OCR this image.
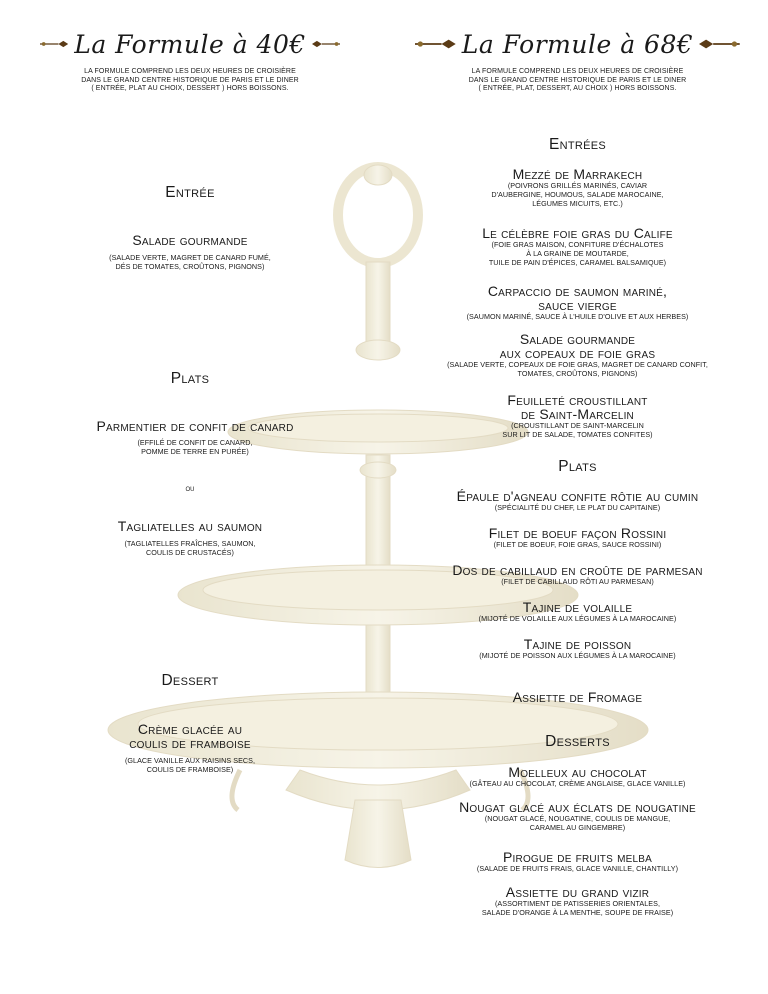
La Formule à 40€
LA FORMULE COMPREND LES DEUX HEURES DE CROISIÈRE
DANS LE GRAND CENTRE HISTORIQUE DE PARIS ET LE DINER
( ENTRÉE, PLAT AU CHOIX, DESSERT ) HORS BOISSONS.
Entrée
Salade gourmande
(SALADE VERTE, MAGRET DE CANARD FUMÉ,
DÉS DE TOMATES, CROÛTONS, PIGNONS)
Plats
Parmentier de confit de canard
(EFFILÉ DE CONFIT DE CANARD,
POMME DE TERRE EN PURÉE)
ou
Tagliatelles au saumon
(TAGLIATELLES FRAÎCHES, SAUMON,
COULIS DE CRUSTACÉS)
Dessert
Crème glacée au
coulis de framboise
(GLACE VANILLE AUX RAISINS SECS,
COULIS DE FRAMBOISE)
La Formule à 68€
LA FORMULE COMPREND LES DEUX HEURES DE CROISIÈRE
DANS LE GRAND CENTRE HISTORIQUE DE PARIS ET LE DINER
( ENTRÉE, PLAT, DESSERT, AU CHOIX ) HORS BOISSONS.
Entrées
Mezzé de Marrakech
(POIVRONS GRILLÉS MARINÉS, CAVIAR
D'AUBERGINE, HOUMOUS, SALADE MAROCAINE,
LÉGUMES MICUITS, ETC.)
Le célèbre foie gras du Calife
(FOIE GRAS MAISON, CONFITURE D'ÉCHALOTES
À LA GRAINE DE MOUTARDE,
TUILE DE PAIN D'ÉPICES, CARAMEL BALSAMIQUE)
Carpaccio de saumon mariné,
sauce vierge
(SAUMON MARINÉ, SAUCE À L'HUILE D'OLIVE ET AUX HERBES)
Salade gourmande
aux copeaux de foie gras
(SALADE VERTE, COPEAUX DE FOIE GRAS, MAGRET DE CANARD CONFIT,
TOMATES, CROÛTONS, PIGNONS)
Feuilleté croustillant
de Saint-Marcelin
(CROUSTILLANT DE SAINT-MARCELIN
SUR LIT DE SALADE, TOMATES CONFITES)
Plats
Épaule d'agneau confite rôtie au cumin
(SPÉCIALITÉ DU CHEF, LE PLAT DU CAPITAINE)
Filet de boeuf façon Rossini
(FILET DE BOEUF, FOIE GRAS, SAUCE ROSSINI)
Dos de cabillaud en croûte de parmesan
(FILET DE CABILLAUD RÔTI AU PARMESAN)
Tajine de volaille
(MIJOTÉ DE VOLAILLE AUX LÉGUMES À LA MAROCAINE)
Tajine de poisson
(MIJOTÉ DE POISSON AUX LÉGUMES À LA MAROCAINE)
Assiette de Fromage
Desserts
Moelleux au chocolat
(GÂTEAU AU CHOCOLAT, CRÈME ANGLAISE, GLACE VANILLE)
Nougat glacé aux éclats de nougatine
(NOUGAT GLACÉ, NOUGATINE, COULIS DE MANGUE,
CARAMEL AU GINGEMBRE)
Pirogue de fruits melba
(SALADE DE FRUITS FRAIS, GLACE VANILLE, CHANTILLY)
Assiette du grand vizir
(ASSORTIMENT DE PATISSERIES ORIENTALES,
SALADE D'ORANGE À LA MENTHE, SOUPE DE FRAISE)
